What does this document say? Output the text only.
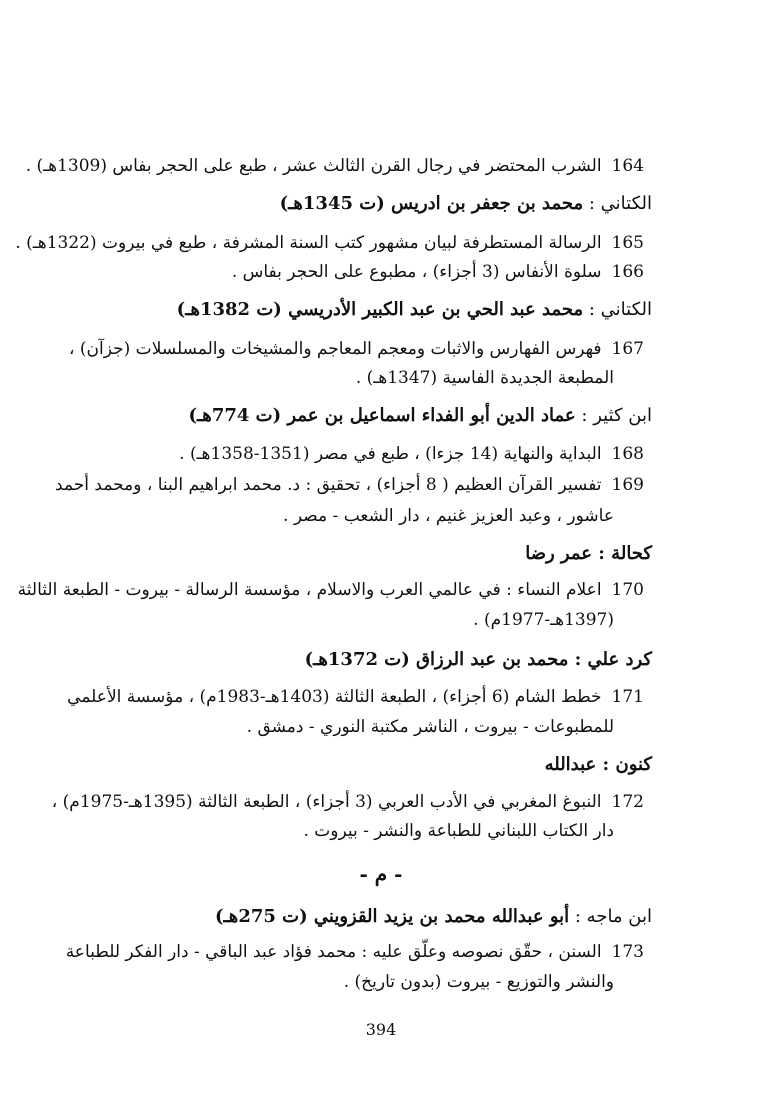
164الشرب المحتضر في رجال القرن الثالث عشر ، طبع على الحجر بفاس (1309هـ) .
الكتاني : محمد بن جعفر بن ادريس (ت 1345هـ)
165الرسالة المستطرفة لبيان مشهور كتب السنة المشرفة ، طبع في بيروت (1322هـ) .
166سلوة الأنفاس (3 أجزاء) ، مطبوع على الحجر بفاس .
الكتاني : محمد عبد الحي بن عبد الكبير الأدريسي (ت 1382هـ)
167فهرس الفهارس والاثبات ومعجم المعاجم والمشيخات والمسلسلات (جزآن) ،
المطبعة الجديدة الفاسية (1347هـ) .
ابن كثير : عماد الدين أبو الفداء اسماعيل بن عمر (ت 774هـ)
168البداية والنهاية (14 جزءا) ، طبع في مصر (1351-1358هـ) .
169تفسير القرآن العظيم ( 8 أجزاء) ، تحقيق : د. محمد ابراهيم البنا ، ومحمد أحمد
عاشور ، وعبد العزيز غنيم ، دار الشعب - مصر .
كحالة : عمر رضا
170اعلام النساء : في عالمي العرب والاسلام ، مؤسسة الرسالة - بيروت - الطبعة الثالثة
(1397هـ-1977م) .
كرد علي : محمد بن عبد الرزاق (ت 1372هـ)
171خطط الشام (6 أجزاء) ، الطبعة الثالثة (1403هـ-1983م) ، مؤسسة الأعلمي
للمطبوعات - بيروت ، الناشر مكتبة النوري - دمشق .
كنون : عبدالله
172النبوغ المغربي في الأدب العربي (3 أجزاء) ، الطبعة الثالثة (1395هـ-1975م) ،
دار الكتاب اللبناني للطباعة والنشر - بيروت .
- م -
ابن ماجه : أبو عبدالله محمد بن يزيد القزويني (ت 275هـ)
173السنن ، حقّق نصوصه وعلّق عليه : محمد فؤاد عبد الباقي - دار الفكر للطباعة
والنشر والتوزيع - بيروت (بدون تاريخ) .
394
